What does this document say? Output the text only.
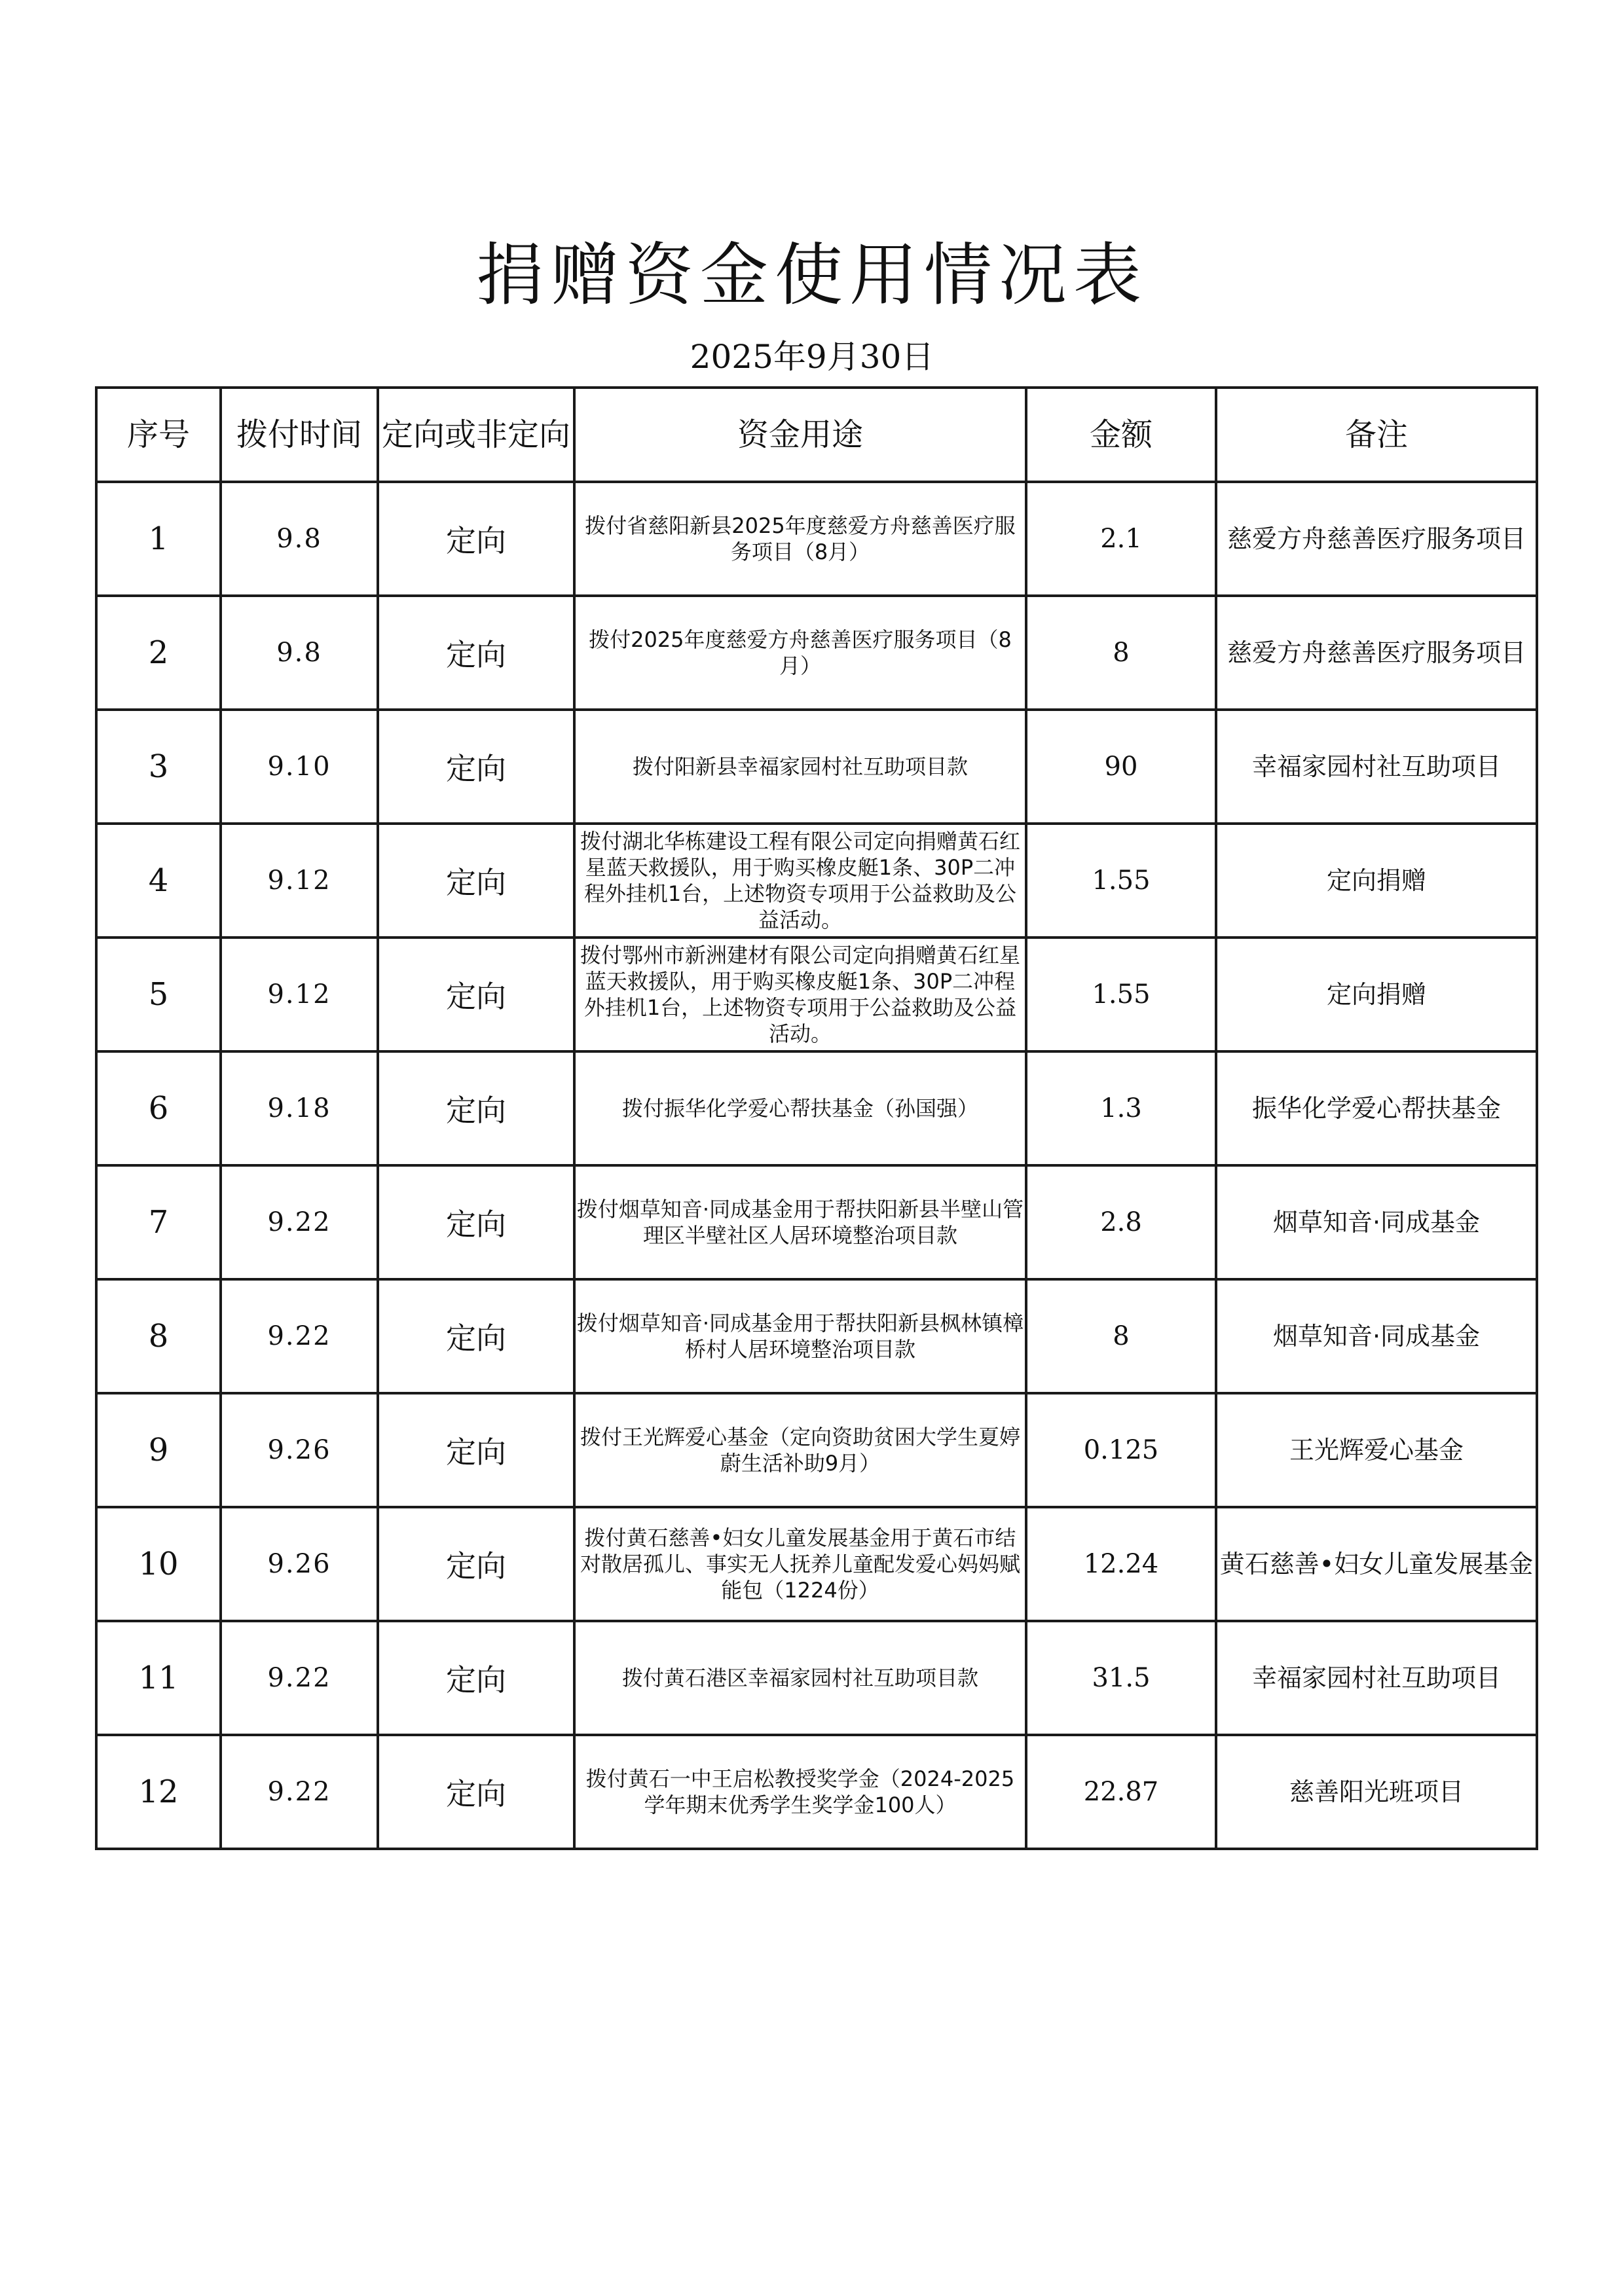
捐赠资金使用情况表
2025年9月30日
序号	拨付时间	定向或非定向	资金用途	金额	备注
1	9.8	定向	拨付省慈阳新县2025年度慈爱方舟慈善医疗服务项目（8月）	2.1	慈爱方舟慈善医疗服务项目
2	9.8	定向	拨付2025年度慈爱方舟慈善医疗服务项目（8月）	8	慈爱方舟慈善医疗服务项目
3	9.10	定向	拨付阳新县幸福家园村社互助项目款	90	幸福家园村社互助项目
4	9.12	定向	拨付湖北华栋建设工程有限公司定向捐赠黄石红星蓝天救援队，用于购买橡皮艇1条、30P二冲程外挂机1台，上述物资专项用于公益救助及公益活动。	1.55	定向捐赠
5	9.12	定向	拨付鄂州市新洲建材有限公司定向捐赠黄石红星蓝天救援队，用于购买橡皮艇1条、30P二冲程外挂机1台，上述物资专项用于公益救助及公益活动。	1.55	定向捐赠
6	9.18	定向	拨付振华化学爱心帮扶基金（孙国强）	1.3	振华化学爱心帮扶基金
7	9.22	定向	拨付烟草知音·同成基金用于帮扶阳新县半壁山管理区半壁社区人居环境整治项目款	2.8	烟草知音·同成基金
8	9.22	定向	拨付烟草知音·同成基金用于帮扶阳新县枫林镇樟桥村人居环境整治项目款	8	烟草知音·同成基金
9	9.26	定向	拨付王光辉爱心基金（定向资助贫困大学生夏婷蔚生活补助9月）	0.125	王光辉爱心基金
10	9.26	定向	拨付黄石慈善•妇女儿童发展基金用于黄石市结对散居孤儿、事实无人抚养儿童配发爱心妈妈赋能包（1224份）	12.24	黄石慈善•妇女儿童发展基金
11	9.22	定向	拨付黄石港区幸福家园村社互助项目款	31.5	幸福家园村社互助项目
12	9.22	定向	拨付黄石一中王启松教授奖学金（2024-2025学年期末优秀学生奖学金100人）	22.87	慈善阳光班项目
